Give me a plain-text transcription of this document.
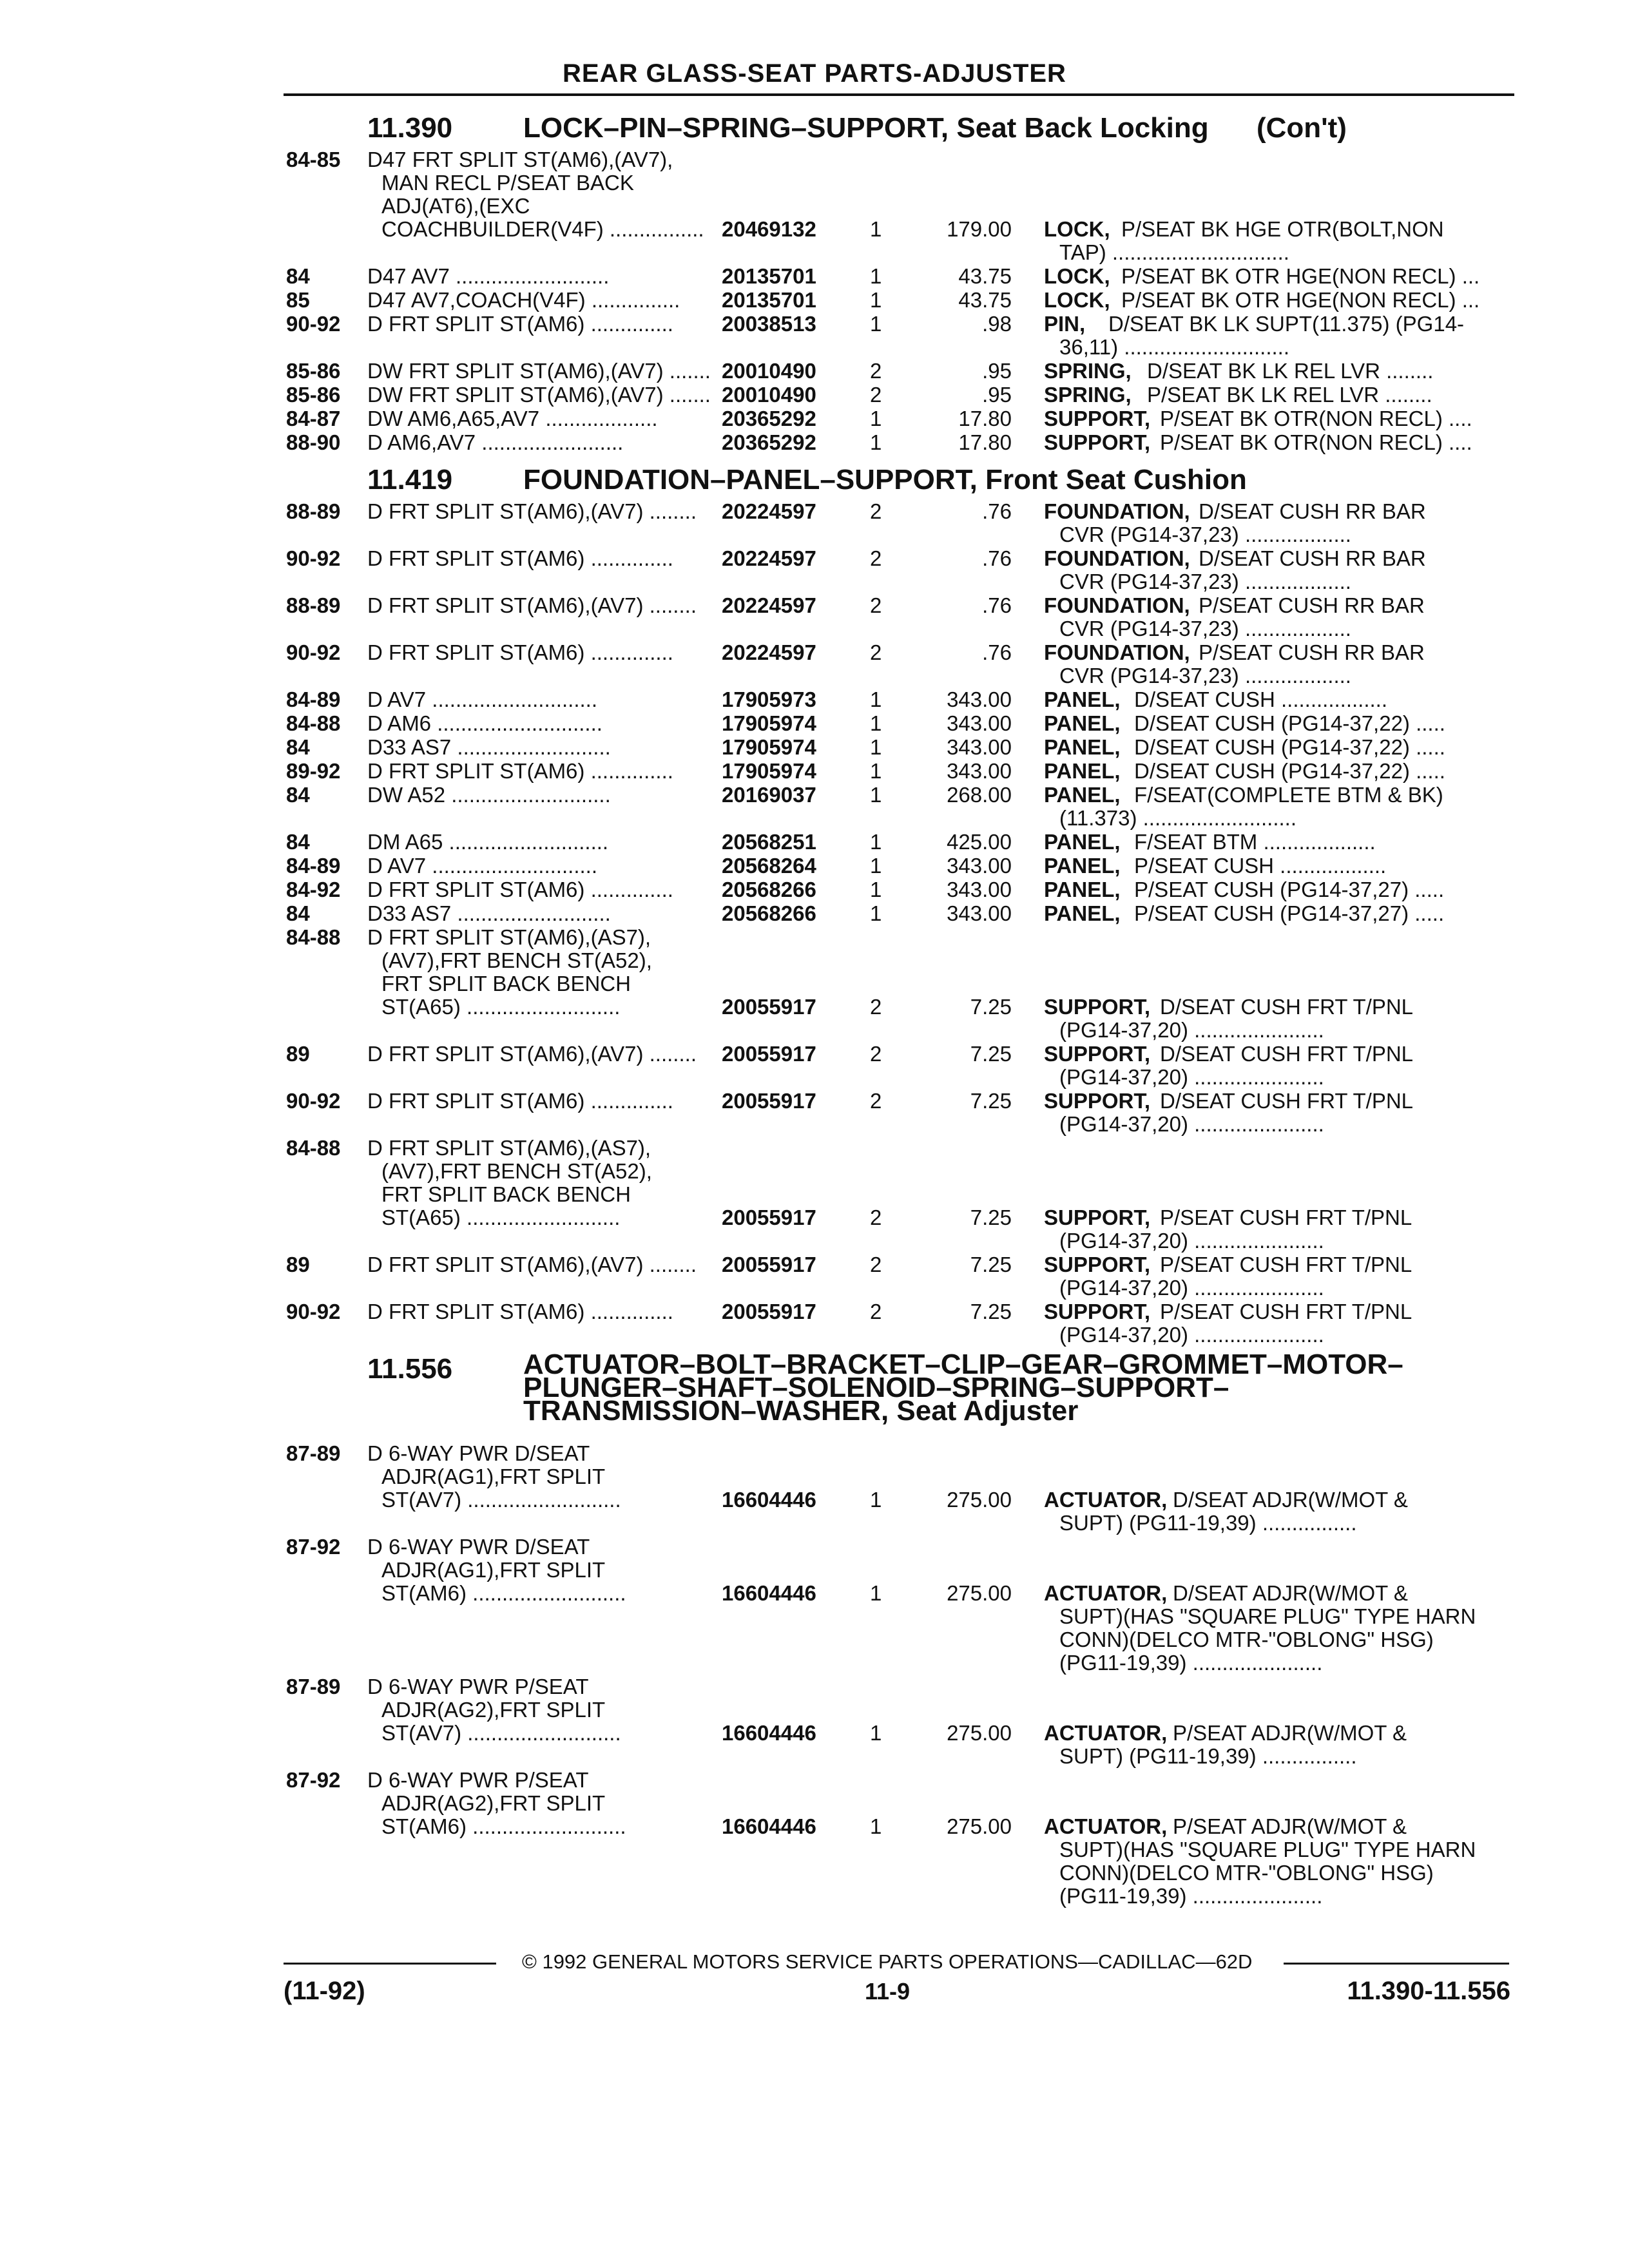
REAR GLASS-SEAT PARTS-ADJUSTER
11.390 LOCK–PIN–SPRING–SUPPORT, Seat Back Locking (Con't)
84-85 D47 FRT SPLIT ST(AM6),(AV7),
MAN RECL P/SEAT BACK
ADJ(AT6),(EXC
COACHBUILDER(V4F) ................ 20469132	1	179.00 LOCK, P/SEAT BK HGE OTR(BOLT,NON
TAP) ..............................
84	D47 AV7 ..........................	20135701	1	43.75 LOCK, P/SEAT BK OTR HGE(NON RECL) ...
85	D47 AV7,COACH(V4F) ............... 20135701	1	43.75 LOCK, P/SEAT BK OTR HGE(NON RECL) ...
90-92 D FRT SPLIT ST(AM6) .............. 20038513	1	.98 PIN, D/SEAT BK LK SUPT(11.375) (PG14-
36,11) ............................
85-86 DW FRT SPLIT ST(AM6),(AV7) ....... 20010490	2	.95 SPRING, D/SEAT BK LK REL LVR ........
85-86 DW FRT SPLIT ST(AM6),(AV7) ....... 20010490	2	.95 SPRING, P/SEAT BK LK REL LVR ........
84-87 DW AM6,A65,AV7 ...................	20365292	1	17.80 SUPPORT, P/SEAT BK OTR(NON RECL) ....
88-90 D AM6,AV7 ........................	20365292	1	17.80 SUPPORT, P/SEAT BK OTR(NON RECL) ....
11.419 FOUNDATION–PANEL–SUPPORT, Front Seat Cushion
88-89 D FRT SPLIT ST(AM6),(AV7) ........ 20224597	2	.76 FOUNDATION, D/SEAT CUSH RR BAR
CVR (PG14-37,23) ..................
90-92 D FRT SPLIT ST(AM6) .............. 20224597	2	.76 FOUNDATION, D/SEAT CUSH RR BAR
CVR (PG14-37,23) ..................
88-89 D FRT SPLIT ST(AM6),(AV7) ........ 20224597	2	.76 FOUNDATION, P/SEAT CUSH RR BAR
CVR (PG14-37,23) ..................
90-92 D FRT SPLIT ST(AM6) .............. 20224597	2	.76 FOUNDATION, P/SEAT CUSH RR BAR
CVR (PG14-37,23) ..................
84-89 D AV7 ............................	17905973	1	343.00 PANEL, D/SEAT CUSH ..................
84-88 D AM6 ............................	17905974	1	343.00 PANEL, D/SEAT CUSH (PG14-37,22) .....
84	D33 AS7 ..........................	17905974	1	343.00 PANEL, D/SEAT CUSH (PG14-37,22) .....
89-92 D FRT SPLIT ST(AM6) .............. 17905974	1	343.00 PANEL, D/SEAT CUSH (PG14-37,22) .....
84	DW A52 ...........................	20169037	1	268.00 PANEL, F/SEAT(COMPLETE BTM & BK)
(11.373) ..........................
84	DM A65 ...........................	20568251	1	425.00 PANEL, F/SEAT BTM ...................
84-89 D AV7 ............................	20568264	1	343.00 PANEL, P/SEAT CUSH ..................
84-92 D FRT SPLIT ST(AM6) .............. 20568266	1	343.00 PANEL, P/SEAT CUSH (PG14-37,27) .....
84	D33 AS7 ..........................	20568266	1	343.00 PANEL, P/SEAT CUSH (PG14-37,27) .....
84-88 D FRT SPLIT ST(AM6),(AS7),
(AV7),FRT BENCH ST(A52),
FRT SPLIT BACK BENCH
ST(A65) ..........................	20055917	2	7.25 SUPPORT, D/SEAT CUSH FRT T/PNL
(PG14-37,20) ......................
89	D FRT SPLIT ST(AM6),(AV7) ........ 20055917	2	7.25 SUPPORT, D/SEAT CUSH FRT T/PNL
(PG14-37,20) ......................
90-92 D FRT SPLIT ST(AM6) .............. 20055917	2	7.25 SUPPORT, D/SEAT CUSH FRT T/PNL
(PG14-37,20) ......................
84-88 D FRT SPLIT ST(AM6),(AS7),
(AV7),FRT BENCH ST(A52),
FRT SPLIT BACK BENCH
ST(A65) ..........................	20055917	2	7.25 SUPPORT, P/SEAT CUSH FRT T/PNL
(PG14-37,20) ......................
89	D FRT SPLIT ST(AM6),(AV7) ........ 20055917	2	7.25 SUPPORT, P/SEAT CUSH FRT T/PNL
(PG14-37,20) ......................
90-92 D FRT SPLIT ST(AM6) .............. 20055917	2	7.25 SUPPORT, P/SEAT CUSH FRT T/PNL
(PG14-37,20) ......................
11.556 ACTUATOR–BOLT–BRACKET–CLIP–GEAR–GROMMET–MOTOR–
PLUNGER–SHAFT–SOLENOID–SPRING–SUPPORT–
TRANSMISSION–WASHER, Seat Adjuster
87-89 D 6-WAY PWR D/SEAT
ADJR(AG1),FRT SPLIT
ST(AV7) ..........................	16604446	1	275.00 ACTUATOR, D/SEAT ADJR(W/MOT &
SUPT) (PG11-19,39) ................
87-92 D 6-WAY PWR D/SEAT
ADJR(AG1),FRT SPLIT
ST(AM6) ..........................	16604446	1	275.00 ACTUATOR, D/SEAT ADJR(W/MOT &
SUPT)(HAS "SQUARE PLUG" TYPE HARN
CONN)(DELCO MTR-"OBLONG" HSG)
(PG11-19,39) ......................
87-89 D 6-WAY PWR P/SEAT
ADJR(AG2),FRT SPLIT
ST(AV7) ..........................	16604446	1	275.00 ACTUATOR, P/SEAT ADJR(W/MOT &
SUPT) (PG11-19,39) ................
87-92 D 6-WAY PWR P/SEAT
ADJR(AG2),FRT SPLIT
ST(AM6) ..........................	16604446	1	275.00 ACTUATOR, P/SEAT ADJR(W/MOT &
SUPT)(HAS "SQUARE PLUG" TYPE HARN
CONN)(DELCO MTR-"OBLONG" HSG)
(PG11-19,39) ......................
© 1992 GENERAL MOTORS SERVICE PARTS OPERATIONS—CADILLAC—62D
(11-92)	11-9	11.390-11.556
